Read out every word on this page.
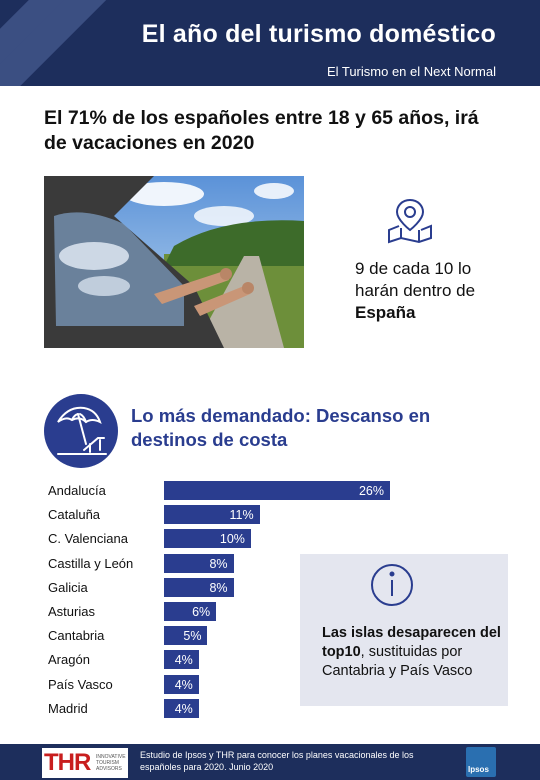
El año del turismo doméstico
El Turismo en el Next Normal
El 71% de los españoles entre 18 y 65 años, irá de vacaciones en 2020
9 de cada 10 lo harán dentro de España
Lo más demandado: Descanso en destinos de costa
Andalucía	26%
Cataluña	11%
C. Valenciana	10%
Castilla y León	8%
Galicia	8%
Asturias	6%
Cantabria	5%
Aragón	4%
País Vasco	4%
Madrid	4%
Las islas desaparecen del top10, sustituidas por Cantabria y País Vasco
THR INNOVATIVE TOURISM ADVISORS
Estudio de Ipsos y THR para conocer los planes vacacionales de los españoles para 2020. Junio 2020	Ipsos
